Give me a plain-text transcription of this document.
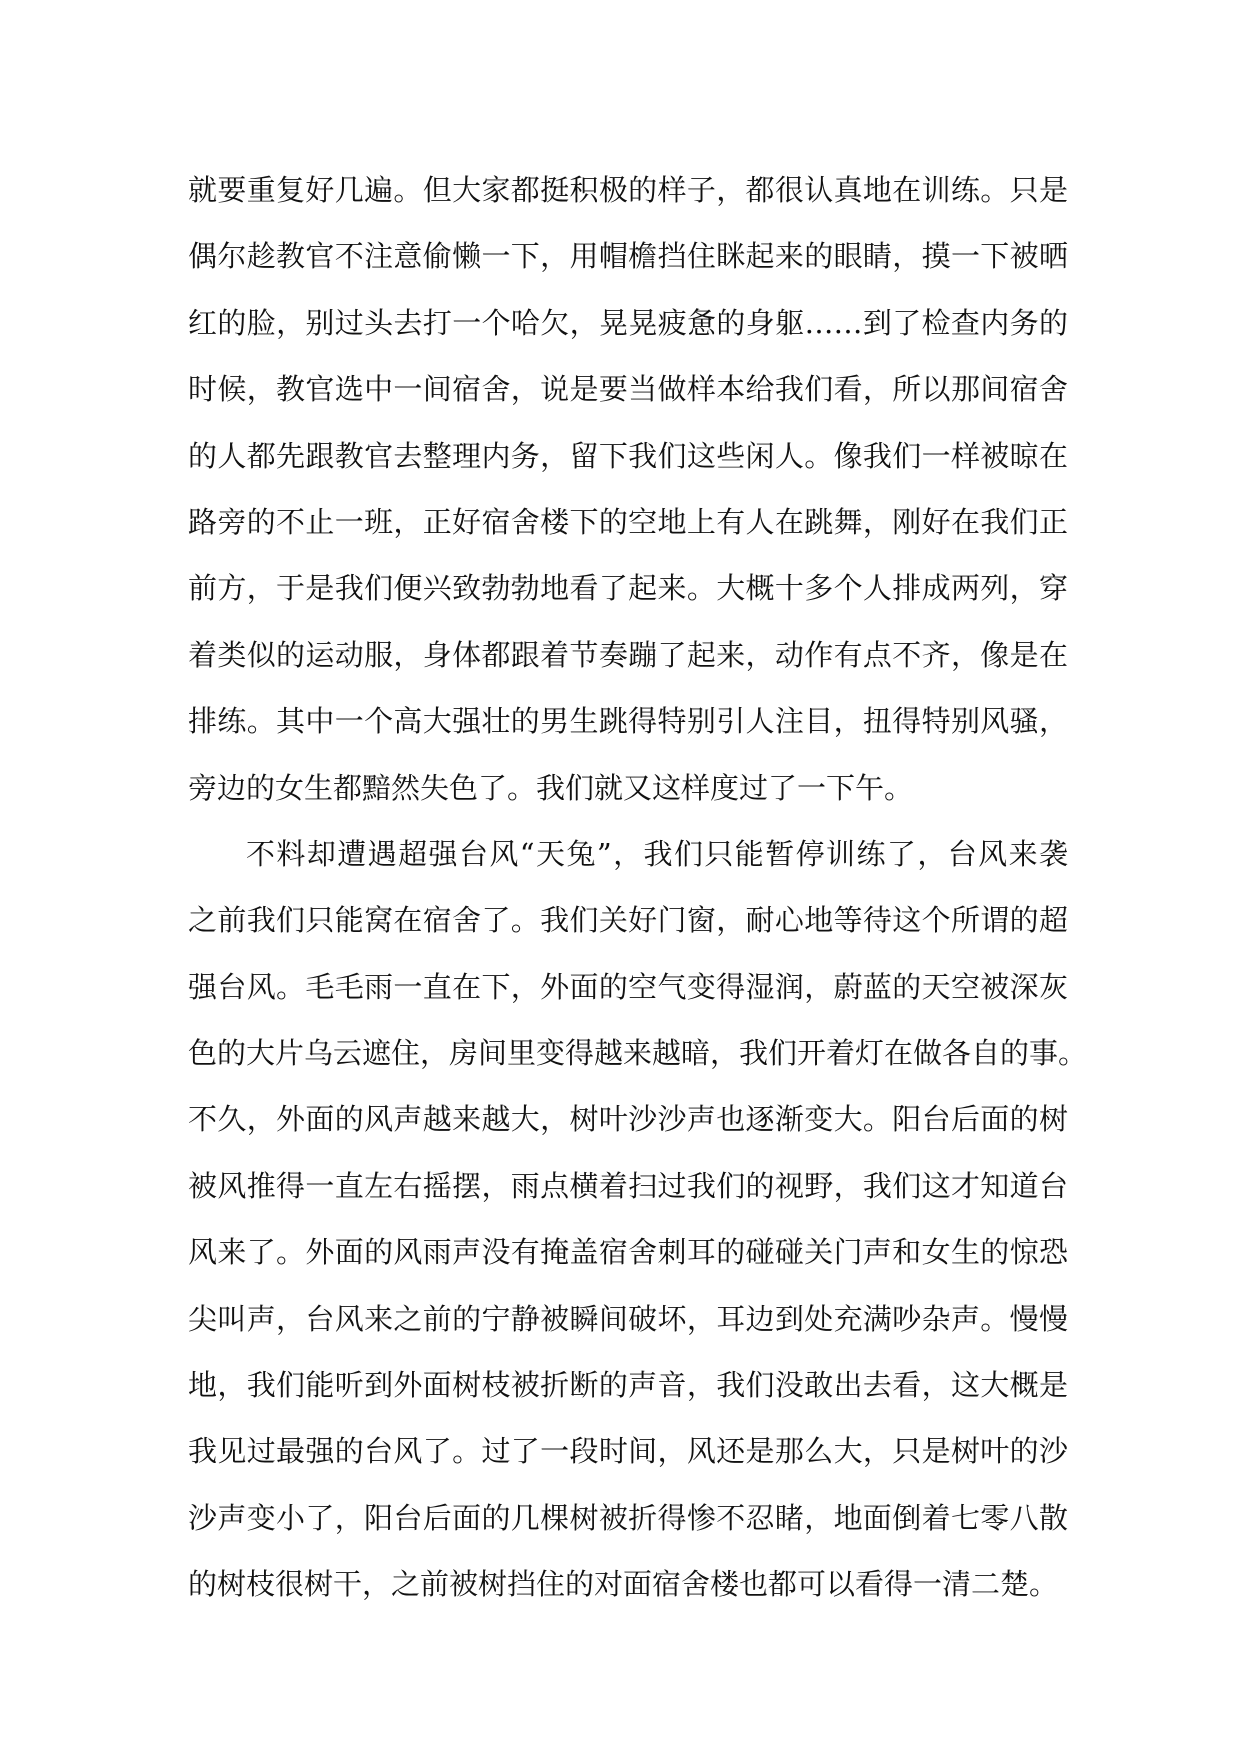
就要重复好几遍。但大家都挺积极的样子，都很认真地在训练。只是
偶尔趁教官不注意偷懒一下，用帽檐挡住眯起来的眼睛，摸一下被晒
红的脸，别过头去打一个哈欠，晃晃疲惫的身躯……到了检查内务的
时候，教官选中一间宿舍，说是要当做样本给我们看，所以那间宿舍
的人都先跟教官去整理内务，留下我们这些闲人。像我们一样被晾在
路旁的不止一班，正好宿舍楼下的空地上有人在跳舞，刚好在我们正
前方，于是我们便兴致勃勃地看了起来。大概十多个人排成两列，穿
着类似的运动服，身体都跟着节奏蹦了起来，动作有点不齐，像是在
排练。其中一个高大强壮的男生跳得特别引人注目，扭得特别风骚，
旁边的女生都黯然失色了。我们就又这样度过了一下午。
不料却遭遇超强台风“天兔”，我们只能暂停训练了，台风来袭
之前我们只能窝在宿舍了。我们关好门窗，耐心地等待这个所谓的超
强台风。毛毛雨一直在下，外面的空气变得湿润，蔚蓝的天空被深灰
色的大片乌云遮住，房间里变得越来越暗，我们开着灯在做各自的事。
不久，外面的风声越来越大，树叶沙沙声也逐渐变大。阳台后面的树
被风推得一直左右摇摆，雨点横着扫过我们的视野，我们这才知道台
风来了。外面的风雨声没有掩盖宿舍刺耳的碰碰关门声和女生的惊恐
尖叫声，台风来之前的宁静被瞬间破坏，耳边到处充满吵杂声。慢慢
地，我们能听到外面树枝被折断的声音，我们没敢出去看，这大概是
我见过最强的台风了。过了一段时间，风还是那么大，只是树叶的沙
沙声变小了，阳台后面的几棵树被折得惨不忍睹，地面倒着七零八散
的树枝很树干，之前被树挡住的对面宿舍楼也都可以看得一清二楚。
